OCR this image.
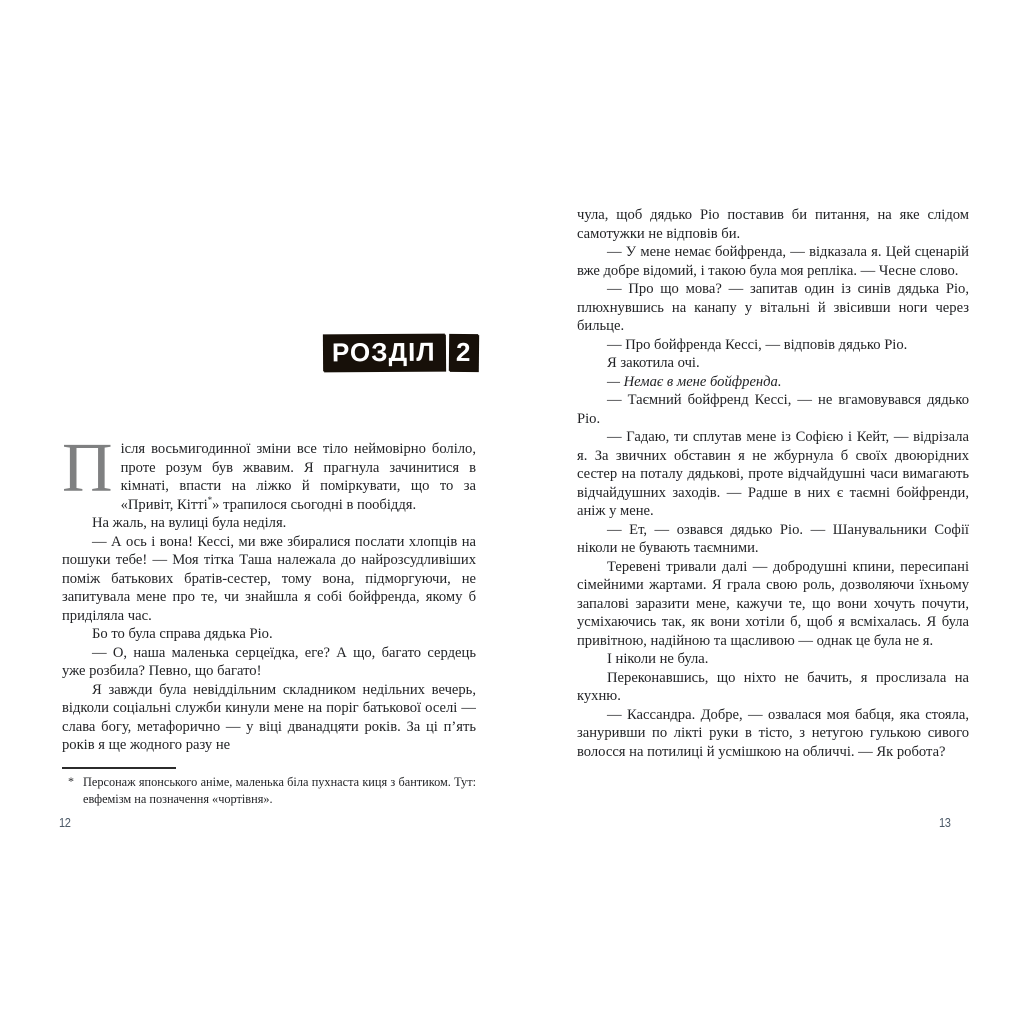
РОЗДІЛ 2

Після восьмигодинної зміни все тіло неймовірно боліло, проте розум був жвавим. Я прагнула зачинитися в кімнаті, впасти на ліжко й поміркувати, що то за «Привіт, Кітті*» трапилося сьогодні в пообіддя.

На жаль, на вулиці була неділя.

— А ось і вона! Кессі, ми вже збиралися послати хлопців на пошуки тебе! — Моя тітка Таша належала до найрозсудливіших поміж батькових братів-сестер, тому вона, підморгуючи, не запитувала мене про те, чи знайшла я собі бойфренда, якому б приділяла час.

Бо то була справа дядька Ріо.

— О, наша маленька серцеїдка, еге? А що, багато сердець уже розбила? Певно, що багато!

Я завжди була невіддільним складником недільних вечерь, відколи соціальні служби кинули мене на поріг батькової оселі — слава богу, метафорично — у віці дванадцяти років. За ці п’ять років я ще жодного разу не

* Персонаж японського аніме, маленька біла пухнаста киця з бантиком. Тут: евфемізм на позначення «чортівня».
12

чула, щоб дядько Ріо поставив би питання, на яке слідом самотужки не відповів би.

— У мене немає бойфренда, — відказала я. Цей сценарій вже добре відомий, і такою була моя репліка. — Чесне слово.

— Про що мова? — запитав один із синів дядька Ріо, плюхнувшись на канапу у вітальні й звісивши ноги через бильце.

— Про бойфренда Кессі, — відповів дядько Ріо.

Я закотила очі.

— Немає в мене бойфренда.

— Таємний бойфренд Кессі, — не вгамовувався дядько Ріо.

— Гадаю, ти сплутав мене із Софією і Кейт, — відрізала я. За звичних обставин я не жбурнула б своїх двоюрідних сестер на поталу дядькові, проте відчайдушні часи вимагають відчайдушних заходів. — Радше в них є таємні бойфренди, аніж у мене.

— Ет, — озвався дядько Ріо. — Шанувальники Софії ніколи не бувають таємними.

Теревені тривали далі — добродушні кпини, пересипані сімейними жартами. Я грала свою роль, дозволяючи їхньому запалові заразити мене, кажучи те, що вони хочуть почути, усміхаючись так, як вони хотіли б, щоб я всміхалась. Я була привітною, надійною та щасливою — однак це була не я.

І ніколи не була.

Переконавшись, що ніхто не бачить, я прослизала на кухню.

— Кассандра. Добре, — озвалася моя бабця, яка стояла, зануривши по лікті руки в тісто, з нетугою гулькою сивого волосся на потилиці й усмішкою на обличчі. — Як робота?

13
